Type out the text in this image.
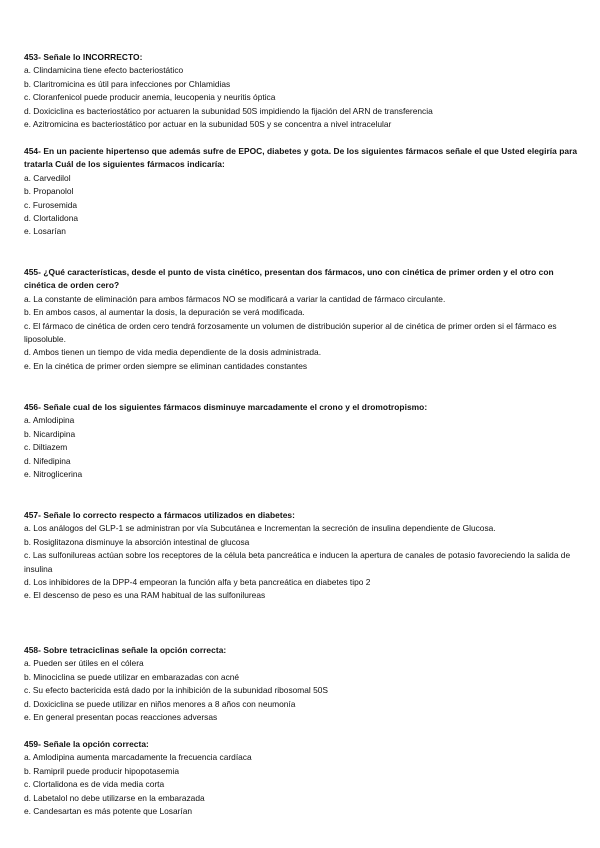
453- Señale lo INCORRECTO:

a. Clindamicina tiene efecto bacteriostático

b. Claritromicina es útil para infecciones por Chlamidias

c. Cloranfenicol puede producir anemia, leucopenia y neuritis óptica

d. Doxiciclina es bacteriostático por actuaren la subunidad 50S impidiendo la fijación del ARN de transferencia

e. Azitromicina es bacteriostático por actuar en la subunidad 50S y se concentra a nivel intracelular

454- En un paciente hipertenso que además sufre de EPOC, diabetes y gota. De los siguientes fármacos señale el que Usted elegiría para tratarla Cuál de los siguientes fármacos indicaría:

a. Carvedilol

b. Propanolol

c. Furosemida

d. Clortalidona

e. Losarían

455- ¿Qué características, desde el punto de vista cinético, presentan dos fármacos, uno con cinética de primer orden y el otro con cinética de orden cero?

a. La constante de eliminación para ambos fármacos NO se modificará a variar la cantidad de fármaco circulante.

b. En ambos casos, al aumentar la dosis, la depuración se verá modificada.

c. El fármaco de cinética de orden cero tendrá forzosamente un volumen de distribución superior al de cinética de primer orden si el fármaco es liposoluble.

d. Ambos tienen un tiempo de vida media dependiente de la dosis administrada.

e. En la cinética de primer orden siempre se eliminan cantidades constantes

456- Señale cual de los siguientes fármacos disminuye marcadamente el crono y el dromotropismo:

a. Amlodipina

b. Nicardipina

c. Diltiazem

d. Nifedipina

e. Nitroglicerina

457- Señale lo correcto respecto a fármacos utilizados en diabetes:

a. Los análogos del GLP-1 se administran por vía Subcutánea e Incrementan la secreción de insulina dependiente de Glucosa.

b. Rosiglitazona disminuye la absorción intestinal de glucosa

c. Las sulfonilureas actúan sobre los receptores de la célula beta pancreática e inducen la apertura de canales de potasio favoreciendo la salida de insulina

d. Los inhibidores de la DPP-4 empeoran la función alfa y beta pancreática en diabetes tipo 2

e. El descenso de peso es una RAM habitual de las sulfonilureas

458- Sobre tetraciclinas señale la opción correcta:

a. Pueden ser útiles en el cólera

b. Minociclina se puede utilizar en embarazadas con acné

c. Su efecto bactericida está dado por la inhibición de la subunidad ribosomal 50S

d. Doxiciclina se puede utilizar en niños menores a 8 años con neumonía

e. En general presentan pocas reacciones adversas

459- Señale la opción correcta:

a. Amlodipina aumenta marcadamente la frecuencia cardíaca

b. Ramipril puede producir hipopotasemia

c. Clortalidona es de vida media corta

d. Labetalol no debe utilizarse en la embarazada

e. Candesartan es más potente que Losarían
